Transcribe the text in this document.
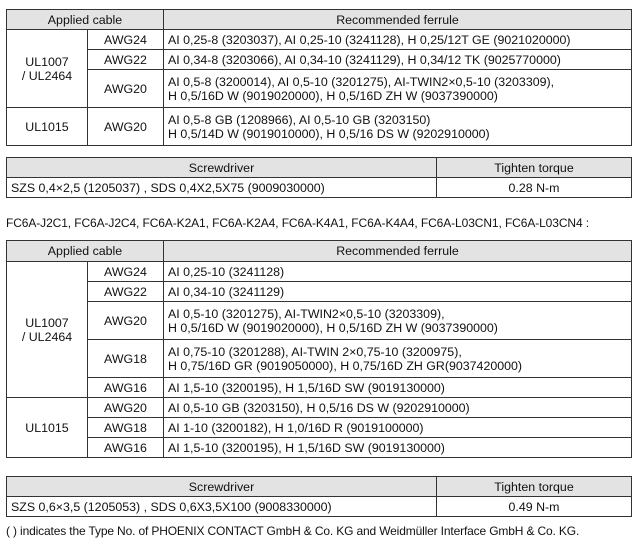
Applied cable		Recommended ferrule
UL1007
/ UL2464	AWG24	AI 0,25-8 (3203037), AI 0,25-10 (3241128), H 0,25/12T GE (9021020000)
	AWG22	AI 0,34-8 (3203066), AI 0,34-10 (3241129), H 0,34/12 TK (9025770000)
	AWG20	AI 0,5-8 (3200014), AI 0,5-10 (3201275), AI-TWIN2×0,5-10 (3203309),
H 0,5/16D W (9019020000), H 0,5/16D ZH W (9037390000)
UL1015	AWG20	AI 0,5-8 GB (1208966), AI 0,5-10 GB (3203150)
H 0,5/14D W (9019010000), H 0,5/16 DS W (9202910000)
Screwdriver	Tighten torque
SZS 0,4×2,5 (1205037) , SDS 0,4X2,5X75 (9009030000)	0.28 N-m
FC6A-J2C1, FC6A-J2C4, FC6A-K2A1, FC6A-K2A4, FC6A-K4A1, FC6A-K4A4, FC6A-L03CN1, FC6A-L03CN4 :
Applied cable		Recommended ferrule
UL1007
/ UL2464	AWG24	AI 0,25-10 (3241128)
	AWG22	AI 0,34-10 (3241129)
	AWG20	AI 0,5-10 (3201275), AI-TWIN2×0,5-10 (3203309),
H 0,5/16D W (9019020000), H 0,5/16D ZH W (9037390000)
	AWG18	AI 0,75-10 (3201288), AI-TWIN 2×0,75-10 (3200975),
H 0,75/16D GR (9019050000), H 0,75/16D ZH GR(9037420000)
	AWG16	AI 1,5-10 (3200195), H 1,5/16D SW (9019130000)
UL1015	AWG20	AI 0,5-10 GB (3203150), H 0,5/16 DS W (9202910000)
	AWG18	AI 1-10 (3200182), H 1,0/16D R (9019100000)
	AWG16	AI 1,5-10 (3200195), H 1,5/16D SW (9019130000)
Screwdriver	Tighten torque
SZS 0,6×3,5 (1205053) , SDS 0,6X3,5X100 (9008330000)	0.49 N-m
( ) indicates the Type No. of PHOENIX CONTACT GmbH & Co. KG and Weidmüller Interface GmbH & Co. KG.
